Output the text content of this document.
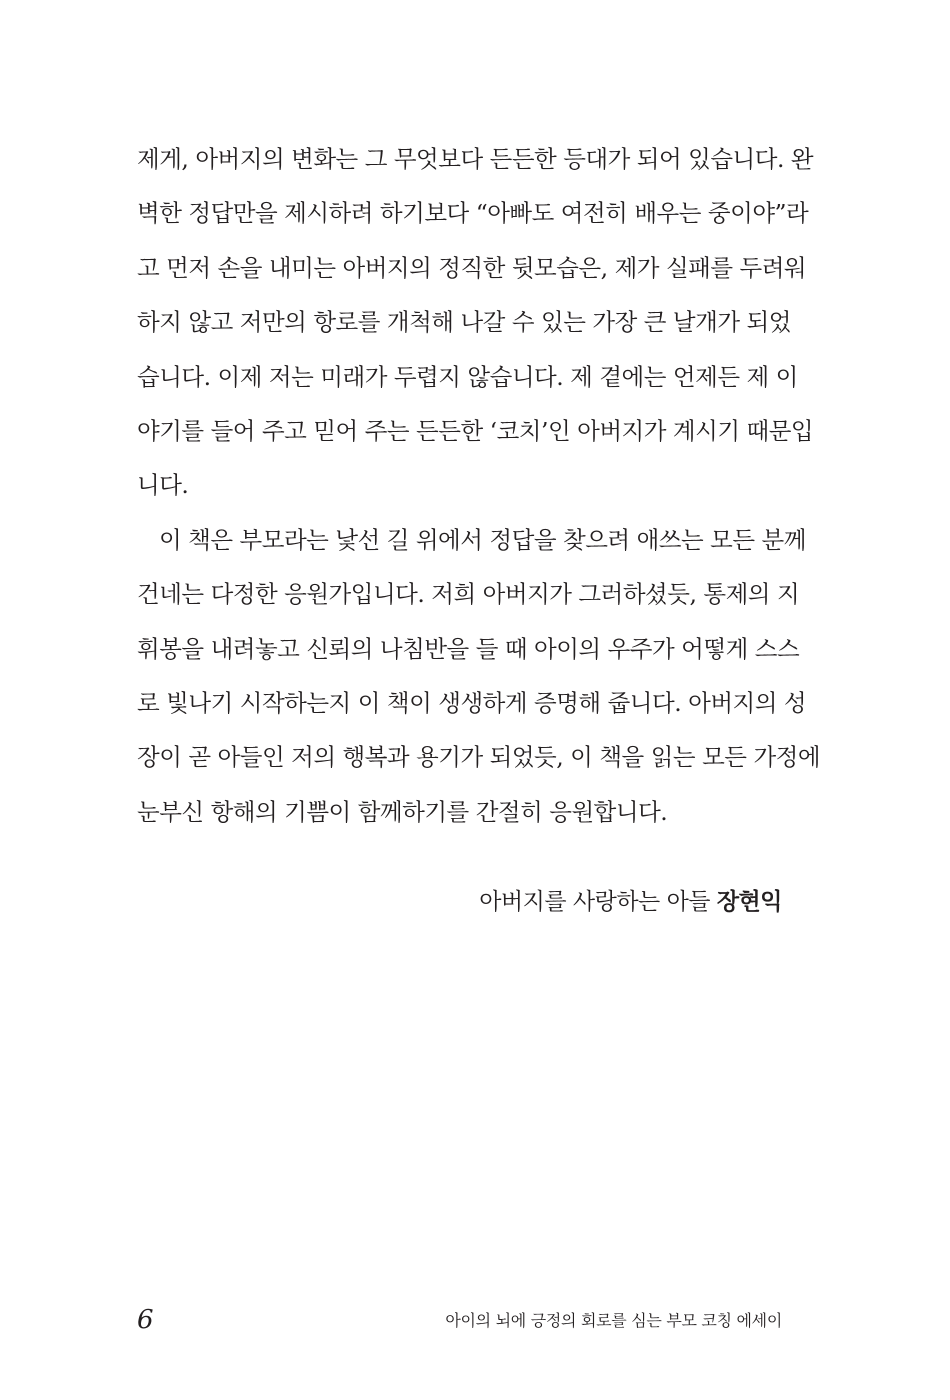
제게, 아버지의 변화는 그 무엇보다 든든한 등대가 되어 있습니다. 완
벽한 정답만을 제시하려 하기보다 “아빠도 여전히 배우는 중이야”라
고 먼저 손을 내미는 아버지의 정직한 뒷모습은, 제가 실패를 두려워
하지 않고 저만의 항로를 개척해 나갈 수 있는 가장 큰 날개가 되었
습니다. 이제 저는 미래가 두렵지 않습니다. 제 곁에는 언제든 제 이
야기를 들어 주고 믿어 주는 든든한 ‘코치’인 아버지가 계시기 때문입
니다.
이 책은 부모라는 낯선 길 위에서 정답을 찾으려 애쓰는 모든 분께
건네는 다정한 응원가입니다. 저희 아버지가 그러하셨듯, 통제의 지
휘봉을 내려놓고 신뢰의 나침반을 들 때 아이의 우주가 어떻게 스스
로 빛나기 시작하는지 이 책이 생생하게 증명해 줍니다. 아버지의 성
장이 곧 아들인 저의 행복과 용기가 되었듯, 이 책을 읽는 모든 가정에
눈부신 항해의 기쁨이 함께하기를 간절히 응원합니다.
아버지를 사랑하는 아들 장현익
6	아이의 뇌에 긍정의 회로를 심는 부모 코칭 에세이
